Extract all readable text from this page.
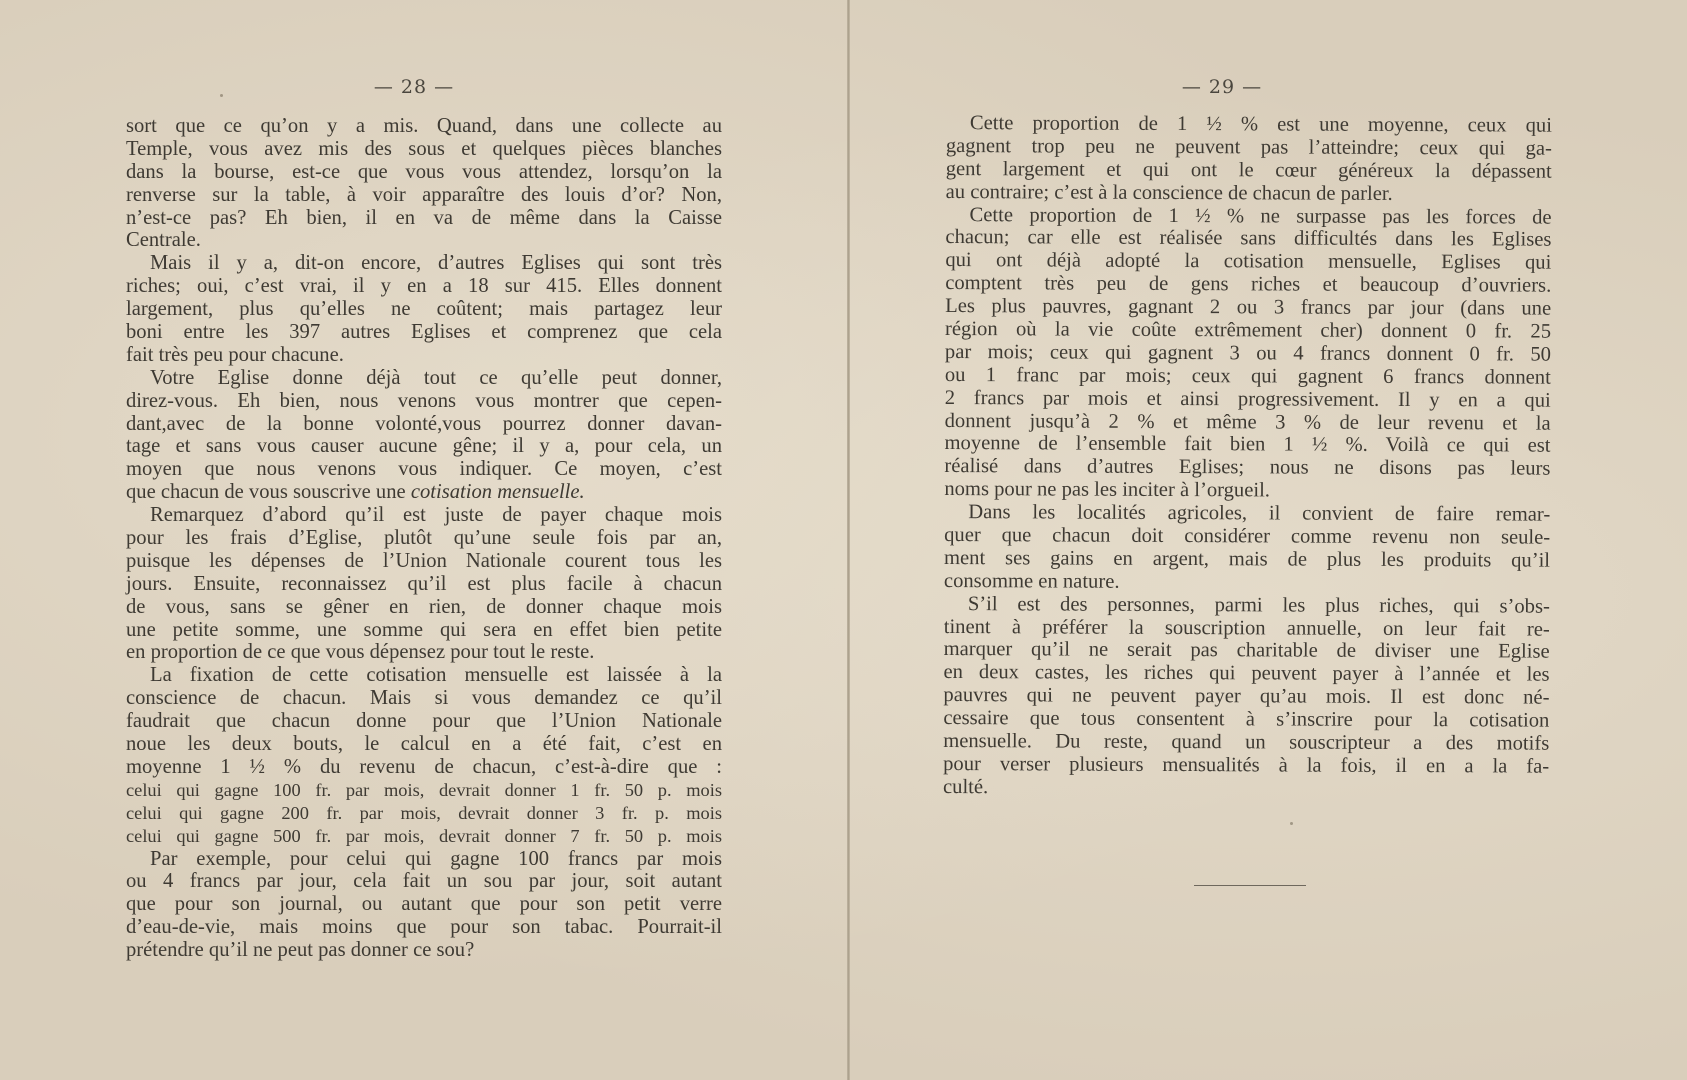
— 28 —
sort que ce qu’on y a mis. Quand, dans une collecte au
Temple, vous avez mis des sous et quelques pièces blanches
dans la bourse, est-ce que vous vous attendez, lorsqu’on la
renverse sur la table, à voir apparaître des louis d’or? Non,
n’est-ce pas? Eh bien, il en va de même dans la Caisse
Centrale.
Mais il y a, dit-on encore, d’autres Eglises qui sont très
riches; oui, c’est vrai, il y en a 18 sur 415. Elles donnent
largement, plus qu’elles ne coûtent; mais partagez leur
boni entre les 397 autres Eglises et comprenez que cela
fait très peu pour chacune.
Votre Eglise donne déjà tout ce qu’elle peut donner,
direz-vous. Eh bien, nous venons vous montrer que cepen-
dant,avec de la bonne volonté,vous pourrez donner davan-
tage et sans vous causer aucune gêne; il y a, pour cela, un
moyen que nous venons vous indiquer. Ce moyen, c’est
que chacun de vous souscrive une cotisation mensuelle.
Remarquez d’abord qu’il est juste de payer chaque mois
pour les frais d’Eglise, plutôt qu’une seule fois par an,
puisque les dépenses de l’Union Nationale courent tous les
jours. Ensuite, reconnaissez qu’il est plus facile à chacun
de vous, sans se gêner en rien, de donner chaque mois
une petite somme, une somme qui sera en effet bien petite
en proportion de ce que vous dépensez pour tout le reste.
La fixation de cette cotisation mensuelle est laissée à la
conscience de chacun. Mais si vous demandez ce qu’il
faudrait que chacun donne pour que l’Union Nationale
noue les deux bouts, le calcul en a été fait, c’est en
moyenne 1 ½ % du revenu de chacun, c’est-à-dire que :
celui qui gagne 100 fr. par mois, devrait donner 1 fr. 50 p. mois
celui qui gagne 200 fr. par mois, devrait donner 3 fr. p. mois
celui qui gagne 500 fr. par mois, devrait donner 7 fr. 50 p. mois
Par exemple, pour celui qui gagne 100 francs par mois
ou 4 francs par jour, cela fait un sou par jour, soit autant
que pour son journal, ou autant que pour son petit verre
d’eau-de-vie, mais moins que pour son tabac. Pourrait-il
prétendre qu’il ne peut pas donner ce sou?
— 29 —
Cette proportion de 1 ½ % est une moyenne, ceux qui
gagnent trop peu ne peuvent pas l’atteindre; ceux qui ga-
gent largement et qui ont le cœur généreux la dépassent
au contraire; c’est à la conscience de chacun de parler.
Cette proportion de 1 ½ % ne surpasse pas les forces de
chacun; car elle est réalisée sans difficultés dans les Eglises
qui ont déjà adopté la cotisation mensuelle, Eglises qui
comptent très peu de gens riches et beaucoup d’ouvriers.
Les plus pauvres, gagnant 2 ou 3 francs par jour (dans une
région où la vie coûte extrêmement cher) donnent 0 fr. 25
par mois; ceux qui gagnent 3 ou 4 francs donnent 0 fr. 50
ou 1 franc par mois; ceux qui gagnent 6 francs donnent
2 francs par mois et ainsi progressivement. Il y en a qui
donnent jusqu’à 2 % et même 3 % de leur revenu et la
moyenne de l’ensemble fait bien 1 ½ %. Voilà ce qui est
réalisé dans d’autres Eglises; nous ne disons pas leurs
noms pour ne pas les inciter à l’orgueil.
Dans les localités agricoles, il convient de faire remar-
quer que chacun doit considérer comme revenu non seule-
ment ses gains en argent, mais de plus les produits qu’il
consomme en nature.
S’il est des personnes, parmi les plus riches, qui s’obs-
tinent à préférer la souscription annuelle, on leur fait re-
marquer qu’il ne serait pas charitable de diviser une Eglise
en deux castes, les riches qui peuvent payer à l’année et les
pauvres qui ne peuvent payer qu’au mois. Il est donc né-
cessaire que tous consentent à s’inscrire pour la cotisation
mensuelle. Du reste, quand un souscripteur a des motifs
pour verser plusieurs mensualités à la fois, il en a la fa-
culté.
